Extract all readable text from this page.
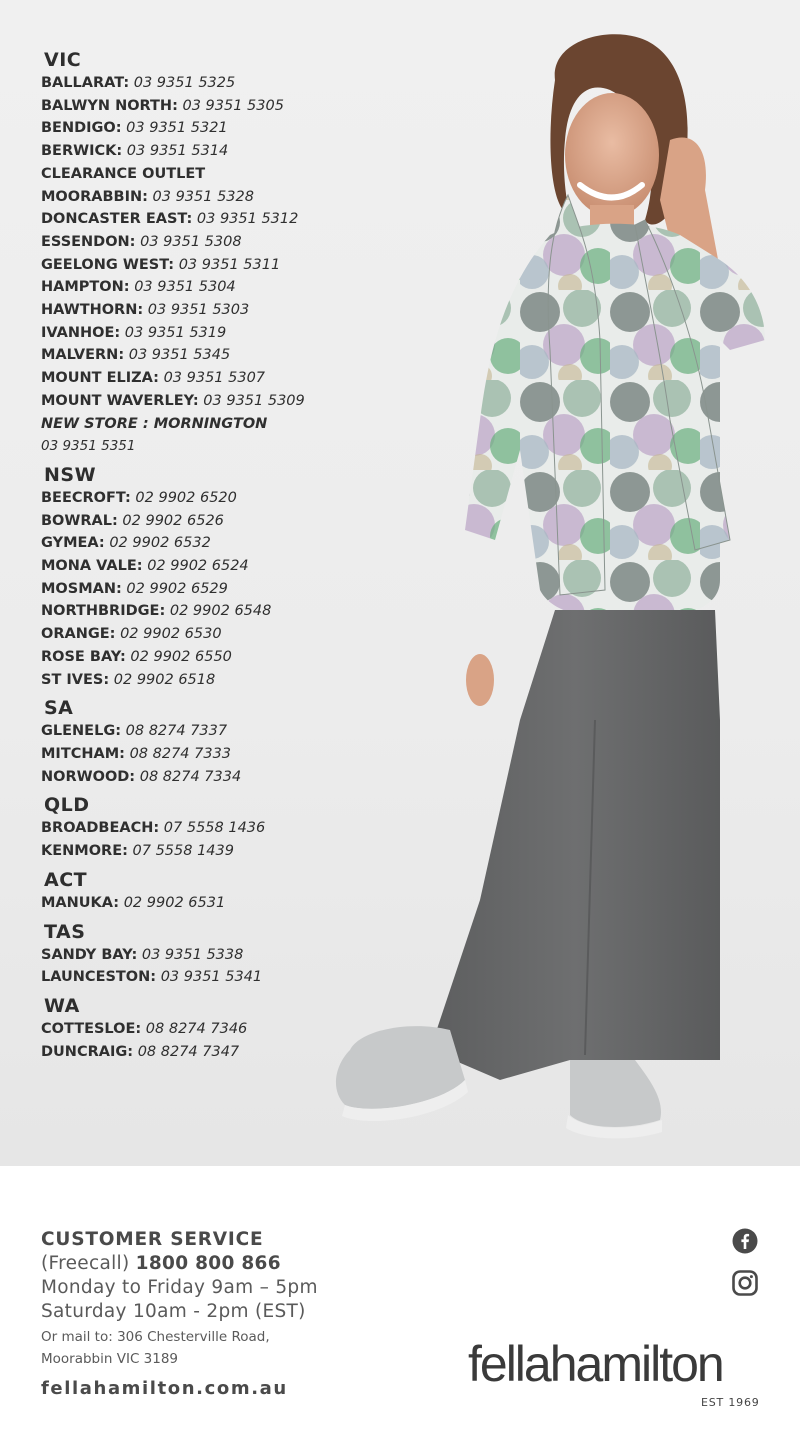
VIC
BALLARAT: 03 9351 5325
BALWYN NORTH: 03 9351 5305
BENDIGO: 03 9351 5321
BERWICK: 03 9351 5314
CLEARANCE OUTLET
MOORABBIN: 03 9351 5328
DONCASTER EAST: 03 9351 5312
ESSENDON: 03 9351 5308
GEELONG WEST: 03 9351 5311
HAMPTON: 03 9351 5304
HAWTHORN: 03 9351 5303
IVANHOE: 03 9351 5319
MALVERN: 03 9351 5345
MOUNT ELIZA: 03 9351 5307
MOUNT WAVERLEY: 03 9351 5309
NEW STORE : MORNINGTON
03 9351 5351
NSW
BEECROFT: 02 9902 6520
BOWRAL: 02 9902 6526
GYMEA: 02 9902 6532
MONA VALE: 02 9902 6524
MOSMAN: 02 9902 6529
NORTHBRIDGE: 02 9902 6548
ORANGE: 02 9902 6530
ROSE BAY: 02 9902 6550
ST IVES: 02 9902 6518
SA
GLENELG: 08 8274 7337
MITCHAM: 08 8274 7333
NORWOOD: 08 8274 7334
QLD
BROADBEACH: 07 5558 1436
KENMORE: 07 5558 1439
ACT
MANUKA: 02 9902 6531
TAS
SANDY BAY: 03 9351 5338
LAUNCESTON: 03 9351 5341
WA
COTTESLOE: 08 8274 7346
DUNCRAIG: 08 8274 7347
CUSTOMER SERVICE
(Freecall) 1800 800 866
Monday to Friday 9am – 5pm
Saturday 10am - 2pm (EST)
Or mail to: 306 Chesterville Road,
Moorabbin VIC 3189
fellahamilton.com.au	fellahamilton
EST 1969
